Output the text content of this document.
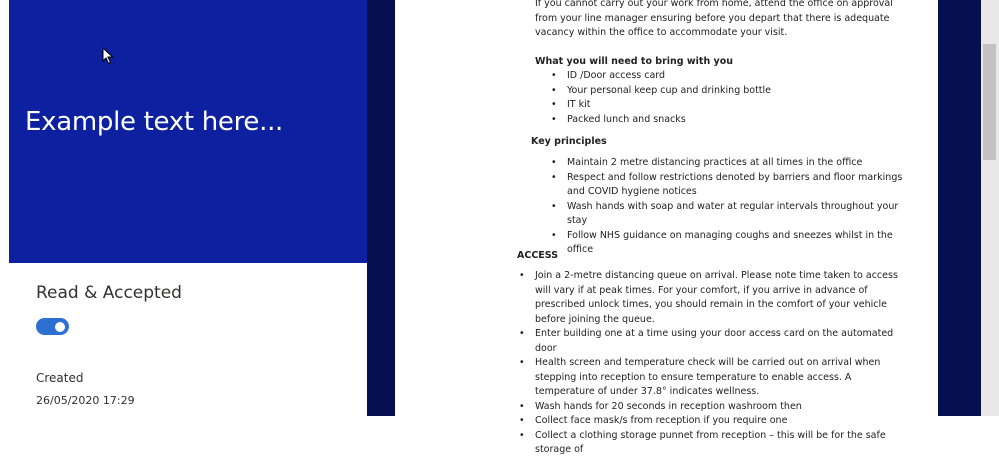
Example text here...
Read & Accepted
Created
26/05/2020 17:29
If you cannot carry out your work from home, attend the office on approval from your line manager ensuring before you depart that there is adequate vacancy within the office to accommodate your visit.
What you will need to bring with you
• ID /Door access card
• Your personal keep cup and drinking bottle
• IT kit
• Packed lunch and snacks
Key principles
• Maintain 2 metre distancing practices at all times in the office
• Respect and follow restrictions denoted by barriers and floor markings and COVID hygiene notices
• Wash hands with soap and water at regular intervals throughout your stay
• Follow NHS guidance on managing coughs and sneezes whilst in the office
ACCESS
• Join a 2-metre distancing queue on arrival. Please note time taken to access will vary if at peak times. For your comfort, if you arrive in advance of prescribed unlock times, you should remain in the comfort of your vehicle before joining the queue.
• Enter building one at a time using your door access card on the automated door
• Health screen and temperature check will be carried out on arrival when stepping into reception to ensure temperature to enable access. A temperature of under 37.8° indicates wellness.
• Wash hands for 20 seconds in reception washroom then
• Collect face mask/s from reception if you require one
• Collect a clothing storage punnet from reception – this will be for the safe storage of
